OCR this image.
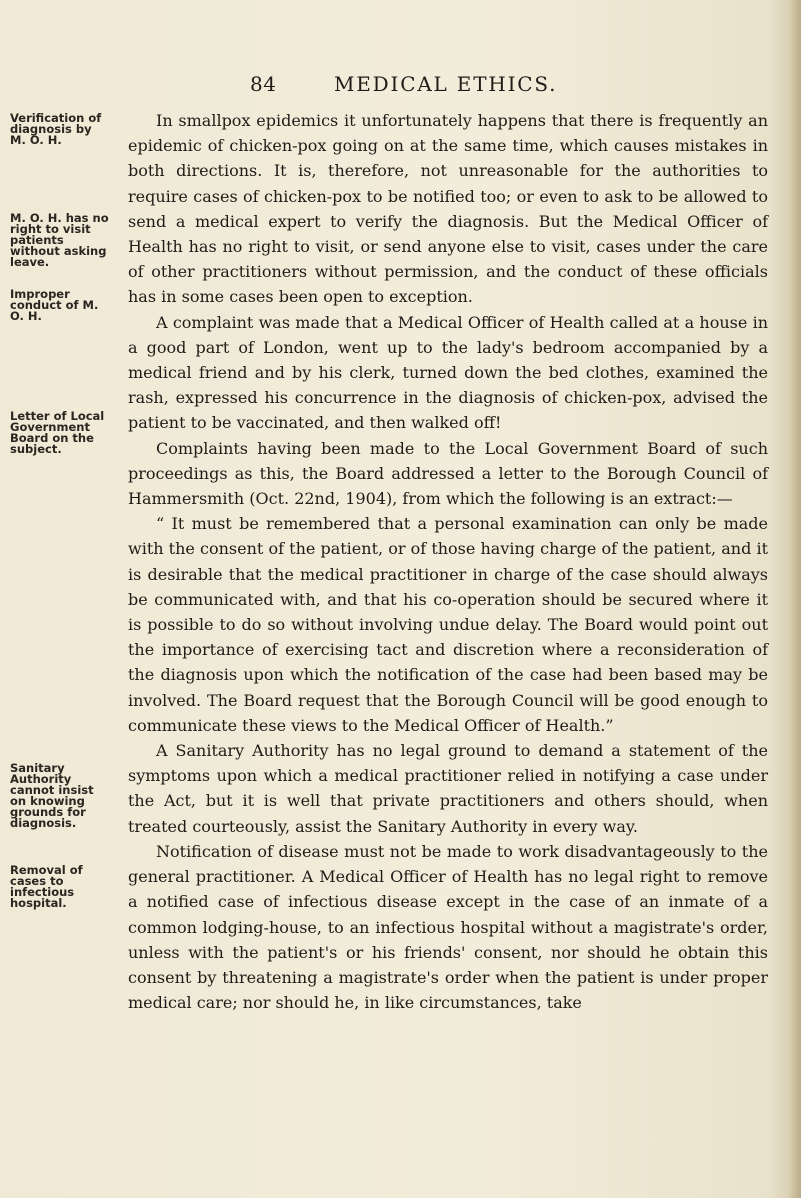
84	MEDICAL ETHICS.
Verification of diagnosis by M. O. H.
M. O. H. has no right to visit patients without asking leave.
Improper conduct of M. O. H.
Letter of Local Government Board on the subject.
Sanitary Authority cannot insist on knowing grounds for diagnosis.
Removal of cases to infectious hospital.

In smallpox epidemics it unfortunately happens that there is frequently an epidemic of chicken-pox going on at the same time, which causes mistakes in both directions. It is, therefore, not unreasonable for the authorities to require cases of chicken-pox to be notified too; or even to ask to be allowed to send a medical expert to verify the diagnosis. But the Medical Officer of Health has no right to visit, or send anyone else to visit, cases under the care of other practitioners without permission, and the conduct of these officials has in some cases been open to exception.

A complaint was made that a Medical Officer of Health called at a house in a good part of London, went up to the lady's bedroom accompanied by a medical friend and by his clerk, turned down the bed clothes, examined the rash, expressed his concurrence in the diagnosis of chicken-pox, advised the patient to be vaccinated, and then walked off!

Complaints having been made to the Local Government Board of such proceedings as this, the Board addressed a letter to the Borough Council of Hammersmith (Oct. 22nd, 1904), from which the following is an extract:—

“ It must be remembered that a personal examination can only be made with the consent of the patient, or of those having charge of the patient, and it is desirable that the medical practitioner in charge of the case should always be communicated with, and that his co-operation should be secured where it is possible to do so without involving undue delay. The Board would point out the importance of exercising tact and discretion where a reconsideration of the diagnosis upon which the notification of the case had been based may be involved. The Board request that the Borough Council will be good enough to communicate these views to the Medical Officer of Health.”

A Sanitary Authority has no legal ground to demand a statement of the symptoms upon which a medical practitioner relied in notifying a case under the Act, but it is well that private practitioners and others should, when treated courteously, assist the Sanitary Authority in every way.

Notification of disease must not be made to work disadvantageously to the general practitioner. A Medical Officer of Health has no legal right to remove a notified case of infectious disease except in the case of an inmate of a common lodging-house, to an infectious hospital without a magistrate's order, unless with the patient's or his friends' consent, nor should he obtain this consent by threatening a magistrate's order when the patient is under proper medical care; nor should he, in like circumstances, take
